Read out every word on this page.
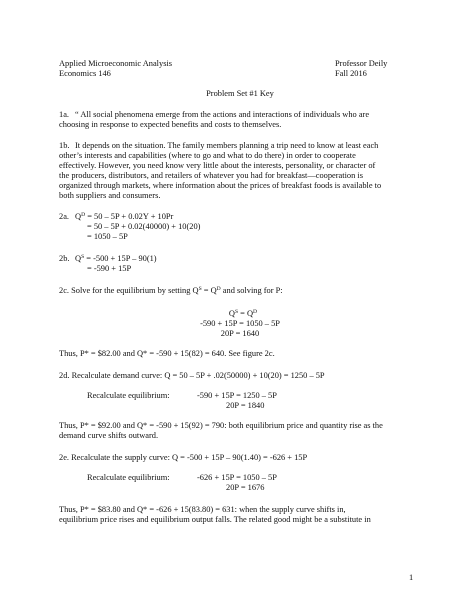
Applied Microeconomic Analysis
Economics 146
Professor Deily
Fall 2016
Problem Set #1 Key
1a. “ All social phenomena emerge from the actions and interactions of individuals who are
choosing in response to expected benefits and costs to themselves.
1b. It depends on the situation. The family members planning a trip need to know at least each
other’s interests and capabilities (where to go and what to do there) in order to cooperate
effectively. However, you need know very little about the interests, personality, or character of
the producers, distributors, and retailers of whatever you had for breakfast—cooperation is
organized through markets, where information about the prices of breakfast foods is available to
both suppliers and consumers.
2a. $Q^D = 50 - 5P + 0.02Y + 10Pr$
= 50 – 5P + 0.02(40000) + 10(20)
= 1050 – 5P
2b. $Q^S = -500 + 15P - 90(1)$
= -590 + 15P
2c. Solve for the equilibrium by setting $Q^S = Q^D$ and solving for P:
$Q^S = Q^D$
-590 + 15P = 1050 – 5P
20P = 1640
Thus, P* = $82.00 and Q* = -590 + 15(82) = 640. See figure 2c.
2d. Recalculate demand curve: Q = 50 – 5P + .02(50000) + 10(20) = 1250 – 5P
Recalculate equilibrium:	-590 + 15P = 1250 – 5P
20P = 1840
Thus, P* = $92.00 and Q* = -590 + 15(92) = 790: both equilibrium price and quantity rise as the
demand curve shifts outward.
2e. Recalculate the supply curve: Q = -500 + 15P – 90(1.40) = -626 + 15P
Recalculate equilibrium:	-626 + 15P = 1050 – 5P
20P = 1676
Thus, P* = $83.80 and Q* = -626 + 15(83.80) = 631: when the supply curve shifts in,
equilibrium price rises and equilibrium output falls. The related good might be a substitute in
1
